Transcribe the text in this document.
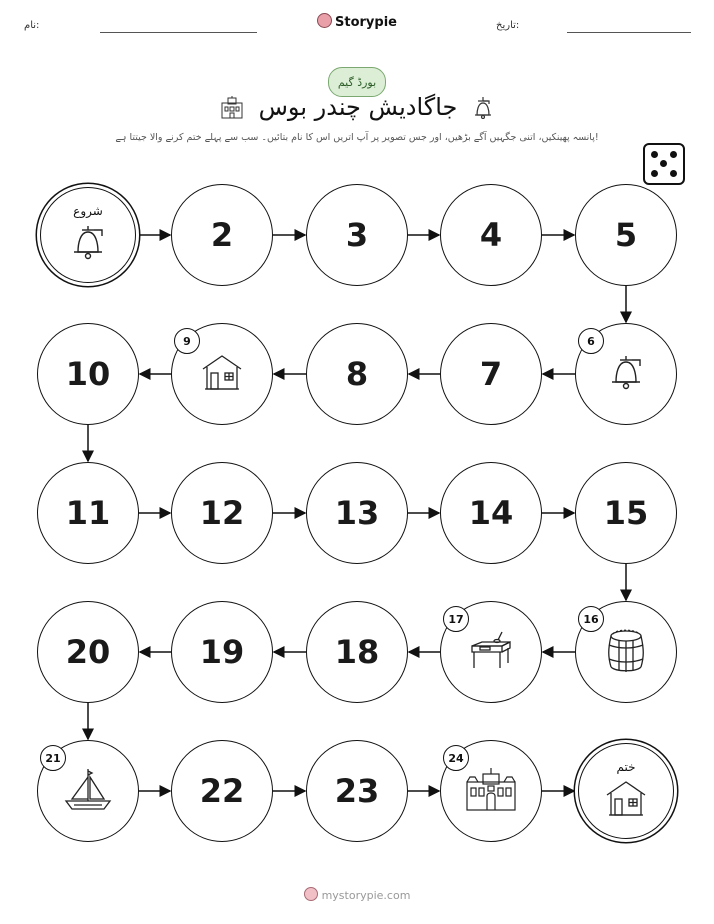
نام:	Storypie	تاریخ:
بورڈ گیم
جاگادیش چندر بوس
پانسہ پھینکیں، اتنی جگہیں آگے بڑھیں، اور جس تصویر پر آپ اتریں اس کا نام بتائیں۔ سب سے پہلے ختم کرنے والا جیتتا ہے!
شروع
2	3	4	5
6
7
8
9
10
11	12	13	14	15
16
17
18
19
20
21
22	23
24
ختم
mystorypie.com
